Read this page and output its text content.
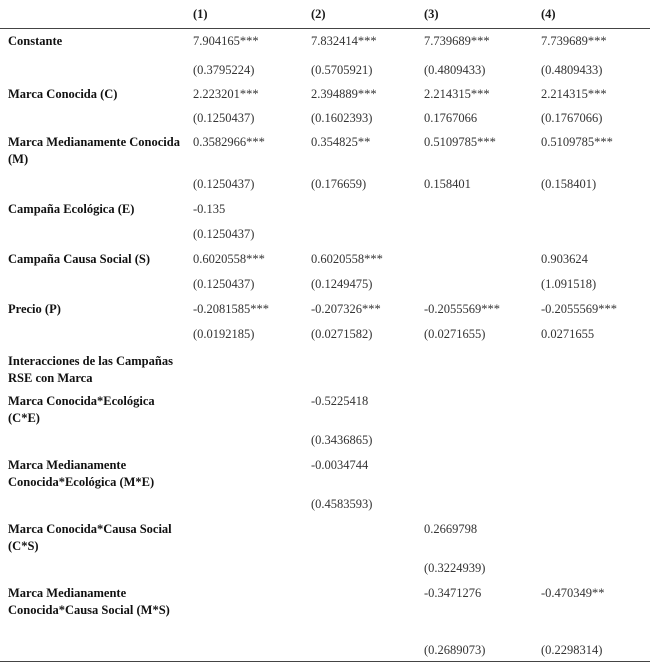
	(1)	(2)	(3)	(4)
Constante	7.904165***	7.832414***	7.739689***	7.739689***
	(0.3795224)	(0.5705921)	(0.4809433)	(0.4809433)
Marca Conocida (C)	2.223201***	2.394889***	2.214315***	2.214315***
	(0.1250437)	(0.1602393)	0.1767066	(0.1767066)
Marca Medianamente Conocida (M)	0.3582966***	0.354825**	0.5109785***	0.5109785***
	(0.1250437)	(0.176659)	0.158401	(0.158401)
Campaña Ecológica (E)	-0.135			
	(0.1250437)			
Campaña Causa Social (S)	0.6020558***	0.6020558***		0.903624
	(0.1250437)	(0.1249475)		(1.091518)
Precio (P)	-0.2081585***	-0.207326***	-0.2055569***	-0.2055569***
	(0.0192185)	(0.0271582)	(0.0271655)	0.0271655
Interacciones de las Campañas RSE con Marca				
Marca Conocida*Ecológica (C*E)		-0.5225418		
		(0.3436865)		
Marca Medianamente Conocida*Ecológica (M*E)		-0.0034744		
		(0.4583593)		
Marca Conocida*Causa Social (C*S)			0.2669798	
			(0.3224939)	
Marca Medianamente Conocida*Causa Social (M*S)			-0.3471276	-0.470349**
			(0.2689073)	(0.2298314)
